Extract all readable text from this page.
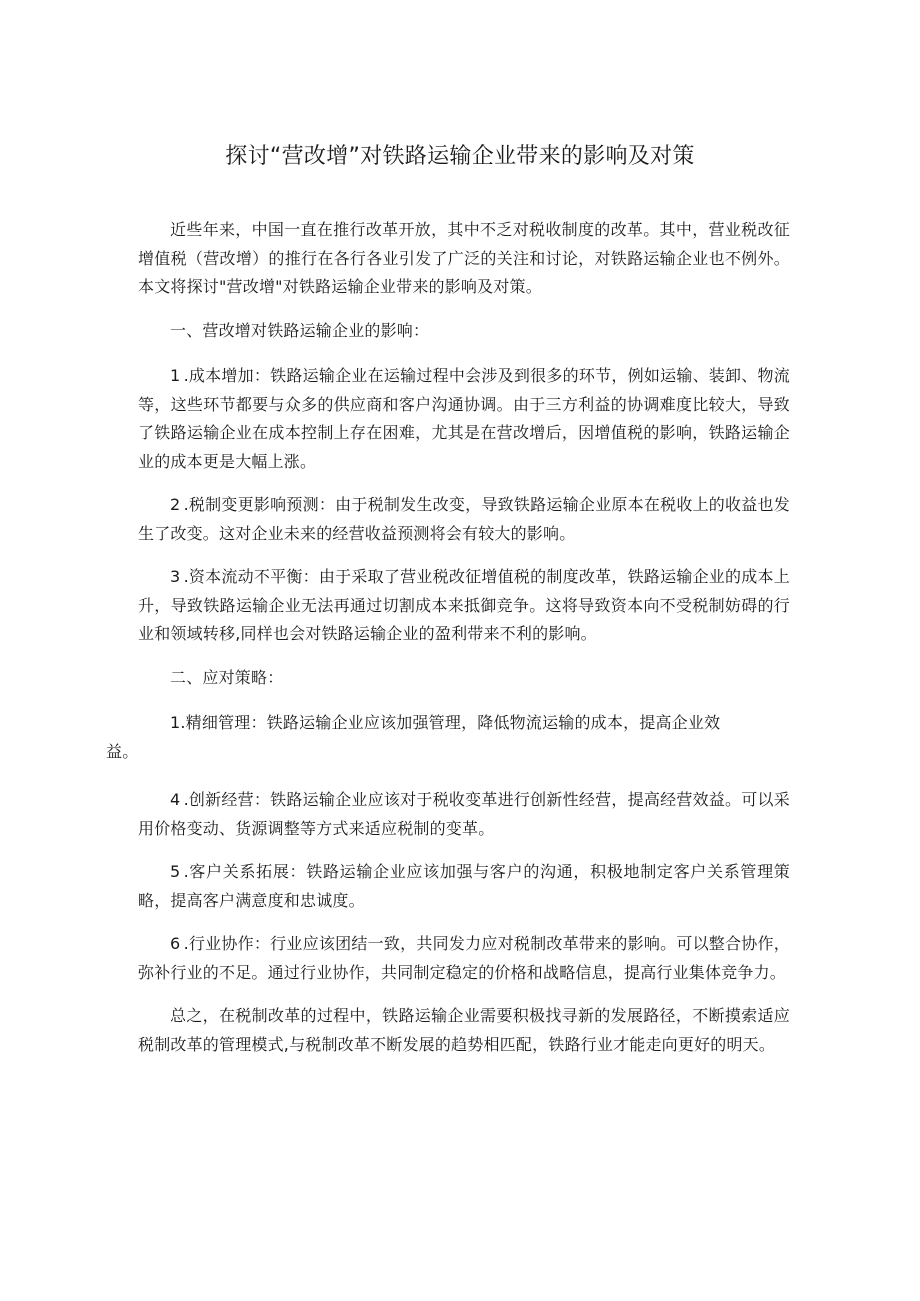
探讨“营改增”对铁路运输企业带来的影响及对策

近些年来，中国一直在推行改革开放，其中不乏对税收制度的改革。其中，营业税改征增值税（营改增）的推行在各行各业引发了广泛的关注和讨论，对铁路运输企业也不例外。本文将探讨"营改增"对铁路运输企业带来的影响及对策。

一、营改增对铁路运输企业的影响：

1 .成本增加：铁路运输企业在运输过程中会涉及到很多的环节，例如运输、装卸、物流等，这些环节都要与众多的供应商和客户沟通协调。由于三方利益的协调难度比较大，导致了铁路运输企业在成本控制上存在困难，尤其是在营改增后，因增值税的影响，铁路运输企业的成本更是大幅上涨。

2 .税制变更影响预测：由于税制发生改变，导致铁路运输企业原本在税收上的收益也发生了改变。这对企业未来的经营收益预测将会有较大的影响。

3 .资本流动不平衡：由于采取了营业税改征增值税的制度改革，铁路运输企业的成本上升，导致铁路运输企业无法再通过切割成本来抵御竞争。这将导致资本向不受税制妨碍的行业和领域转移,同样也会对铁路运输企业的盈利带来不利的影响。

二、应对策略：

1.精细管理：铁路运输企业应该加强管理，降低物流运输的成本，提高企业效
益。

4 .创新经营：铁路运输企业应该对于税收变革进行创新性经营，提高经营效益。可以采用价格变动、货源调整等方式来适应税制的变革。

5 .客户关系拓展：铁路运输企业应该加强与客户的沟通，积极地制定客户关系管理策略，提高客户满意度和忠诚度。

6 .行业协作：行业应该团结一致，共同发力应对税制改革带来的影响。可以整合协作，弥补行业的不足。通过行业协作，共同制定稳定的价格和战略信息，提高行业集体竞争力。

总之，在税制改革的过程中，铁路运输企业需要积极找寻新的发展路径，不断摸索适应税制改革的管理模式,与税制改革不断发展的趋势相匹配，铁路行业才能走向更好的明天。
